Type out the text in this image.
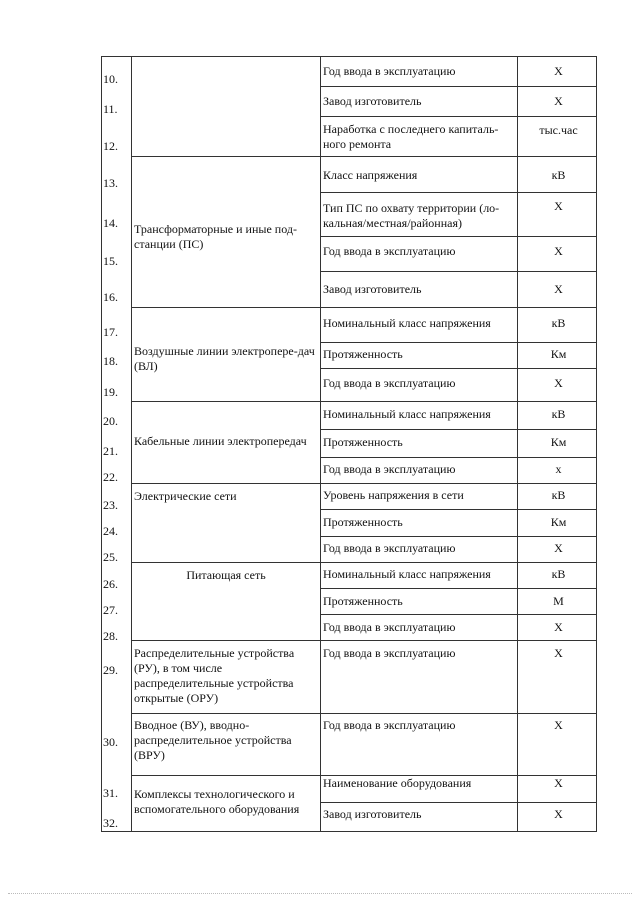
10.
11.
12.
13.
14.
15.
16.
17.
18.
19.
20.
21.
22.
23.
24.
25.
26.
27.
28.
29.
30.
31.
32.
Трансформаторные и иные под-станции (ПС)
Воздушные линии электропере-дач (ВЛ)
Кабельные линии электропередач
Электрические сети
Питающая сеть
Распределительные устройства (РУ), в том числе распределительные устройства открытые (ОРУ)
Вводное (ВУ), вводно-распределительное устройства (ВРУ)
Комплексы технологического и вспомогательного оборудования
Год ввода в эксплуатацию
Завод изготовитель
Наработка с последнего капиталь-ного ремонта
Класс напряжения
Тип ПС по охвату территории (ло-кальная/местная/районная)
Год ввода в эксплуатацию
Завод изготовитель
Номинальный класс напряжения
Протяженность
Год ввода в эксплуатацию
Номинальный класс напряжения
Протяженность
Год ввода в эксплуатацию
Уровень напряжения в сети
Протяженность
Год ввода в эксплуатацию
Номинальный класс напряжения
Протяженность
Год ввода в эксплуатацию
Год ввода в эксплуатацию
Год ввода в эксплуатацию
Наименование оборудования
Завод изготовитель
X
X
тыс.час
кВ
X
X
X
кВ
Км
X
кВ
Км
x
кВ
Км
X
кВ
М
X
X
X
X
X
